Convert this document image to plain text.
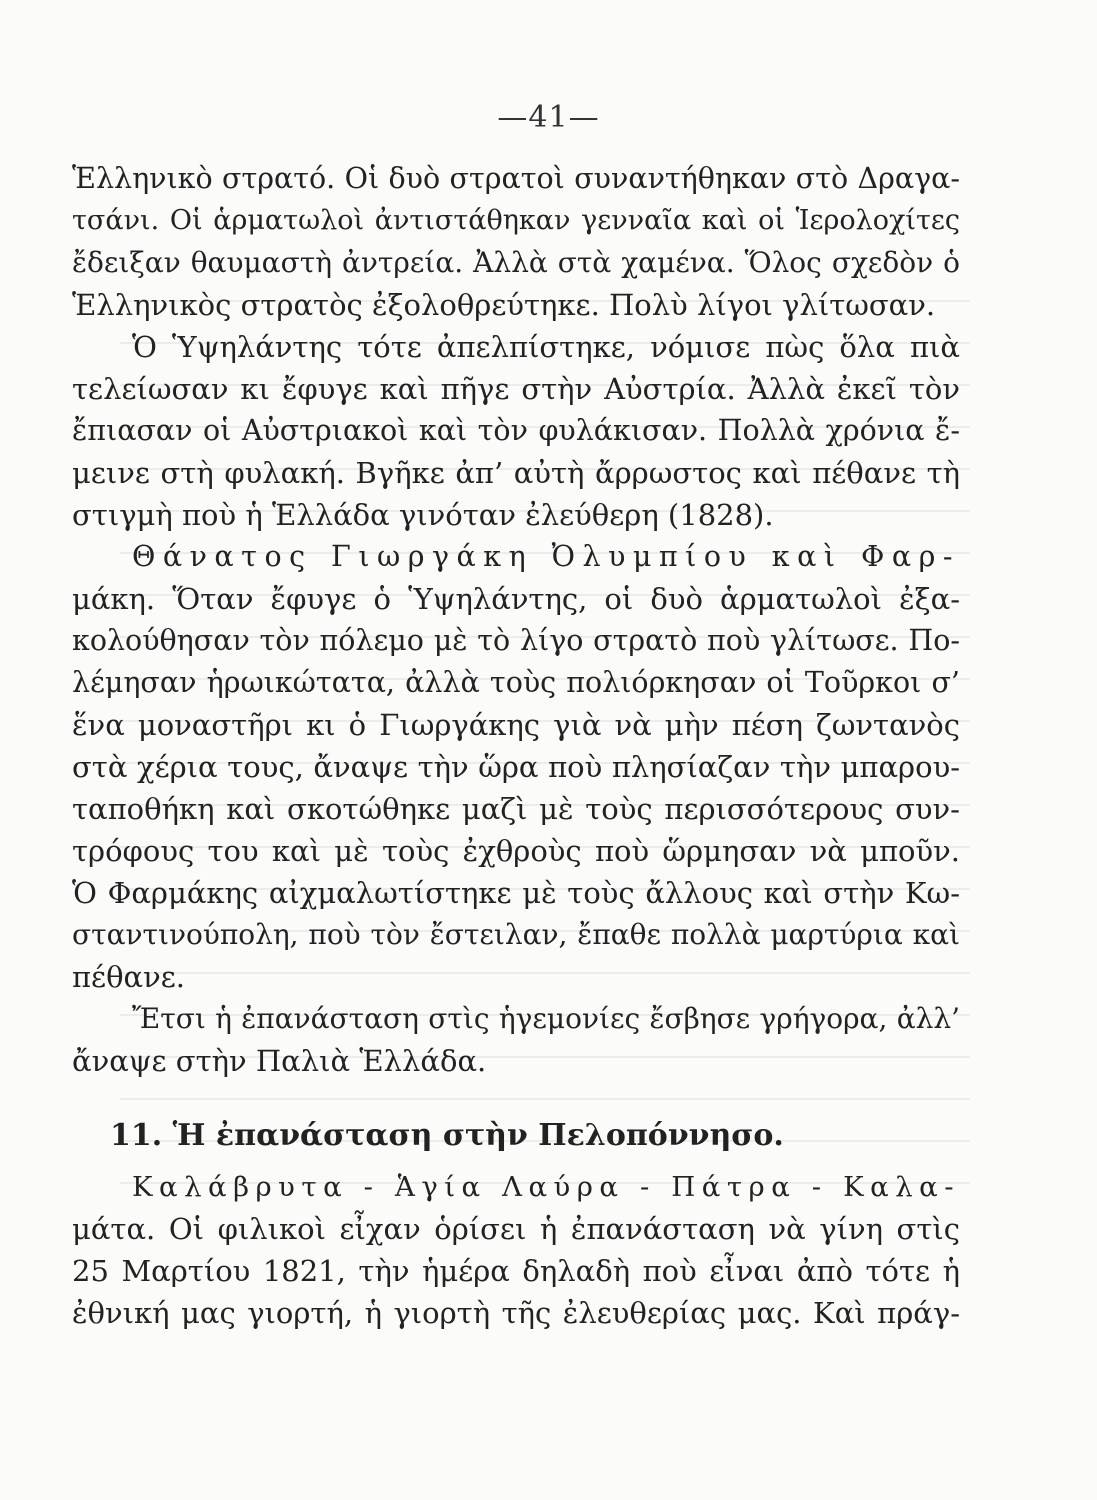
—41—
Ἑλληνικὸ στρατό. Οἱ δυὸ στρατοὶ συναντήθηκαν στὸ Δραγα-
τσάνι. Οἱ ἁρματωλοὶ ἀντιστάθηκαν γενναῖα καὶ οἱ Ἱερολοχίτες
ἔδειξαν θαυμαστὴ ἀντρεία. Ἀλλὰ στὰ χαμένα. Ὅλος σχεδὸν ὁ
Ἑλληνικὸς στρατὸς ἐξολοθρεύτηκε. Πολὺ λίγοι γλίτωσαν.
Ὁ Ὑψηλάντης τότε ἀπελπίστηκε, νόμισε πὼς ὅλα πιὰ
τελείωσαν κι ἔφυγε καὶ πῆγε στὴν Αὐστρία. Ἀλλὰ ἐκεῖ τὸν
ἔπιασαν οἱ Αὐστριακοὶ καὶ τὸν φυλάκισαν. Πολλὰ χρόνια ἔ-
μεινε στὴ φυλακή. Βγῆκε ἀπ’ αὐτὴ ἄρρωστος καὶ πέθανε τὴ
στιγμὴ ποὺ ἡ Ἑλλάδα γινόταν ἐλεύθερη (1828).
Θάνατος Γιωργάκη Ὀλυμπίου καὶ Φαρ-
μάκη. Ὅταν ἔφυγε ὁ Ὑψηλάντης, οἱ δυὸ ἁρματωλοὶ ἐξα-
κολούθησαν τὸν πόλεμο μὲ τὸ λίγο στρατὸ ποὺ γλίτωσε. Πο-
λέμησαν ἡρωικώτατα, ἀλλὰ τοὺς πολιόρκησαν οἱ Τοῦρκοι σ’
ἕνα μοναστῆρι κι ὁ Γιωργάκης γιὰ νὰ μὴν πέση ζωντανὸς
στὰ χέρια τους, ἄναψε τὴν ὥρα ποὺ πλησίαζαν τὴν μπαρου-
ταποθήκη καὶ σκοτώθηκε μαζὶ μὲ τοὺς περισσότερους συν-
τρόφους του καὶ μὲ τοὺς ἐχθροὺς ποὺ ὥρμησαν νὰ μποῦν.
Ὁ Φαρμάκης αἰχμαλωτίστηκε μὲ τοὺς ἄλλους καὶ στὴν Κω-
σταντινούπολη, ποὺ τὸν ἔστειλαν, ἔπαθε πολλὰ μαρτύρια καὶ
πέθανε.
Ἔτσι ἡ ἐπανάσταση στὶς ἡγεμονίες ἔσβησε γρήγορα, ἀλλ’
ἄναψε στὴν Παλιὰ Ἑλλάδα.
11. Ἡ ἐπανάσταση στὴν Πελοπόννησο.
Καλάβρυτα - Ἁγία Λαύρα - Πάτρα - Καλα-
μάτα. Οἱ φιλικοὶ εἶχαν ὁρίσει ἡ ἐπανάσταση νὰ γίνη στὶς
25 Μαρτίου 1821, τὴν ἡμέρα δηλαδὴ ποὺ εἶναι ἀπὸ τότε ἡ
ἐθνική μας γιορτή, ἡ γιορτὴ τῆς ἐλευθερίας μας. Καὶ πράγ-
